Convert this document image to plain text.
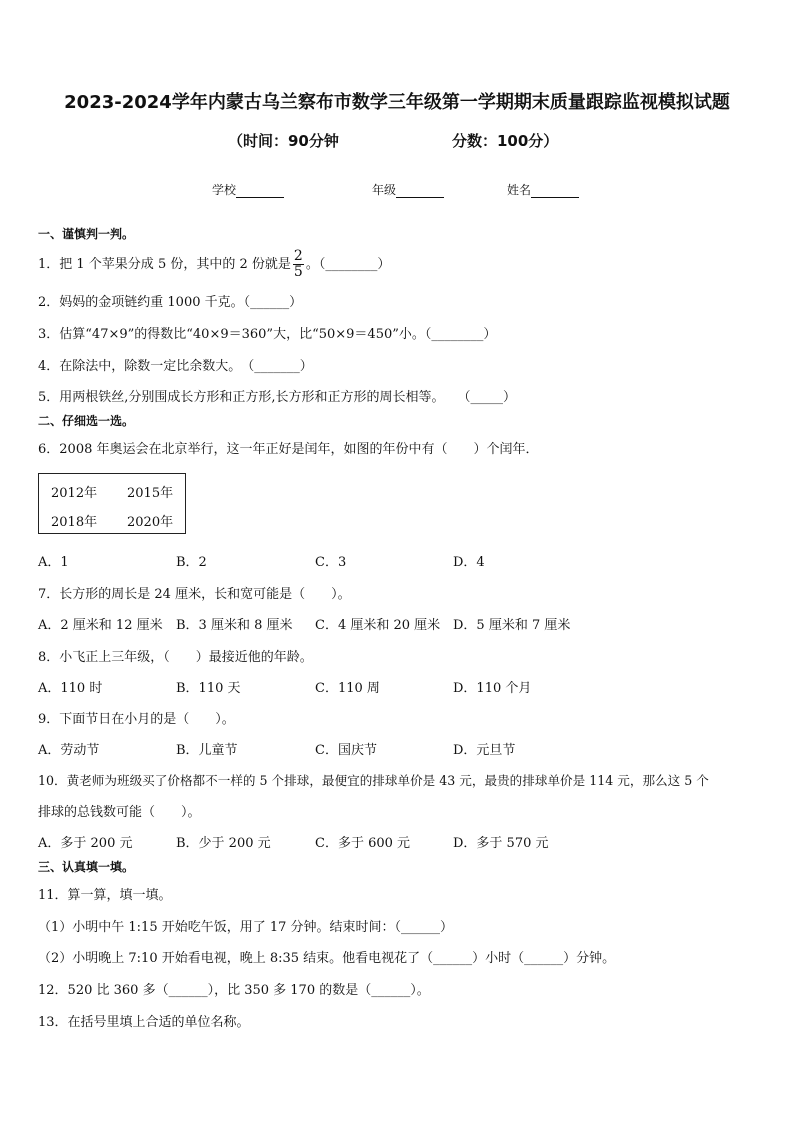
2023-2024学年内蒙古乌兰察布市数学三年级第一学期期末质量跟踪监视模拟试题
（时间：90分钟	分数：100分）
学校	年级	姓名
一、谨慎判一判。
1．把 1 个苹果分成 5 份，其中的 2 份就是 $\frac{2}{5}$ 。（________）
2．妈妈的金项链约重 1000 千克。（______）
3．估算“47×9”的得数比“40×9＝360”大，比“50×9＝450”小。（________）
4．在除法中，除数一定比余数大。　（_______）
5．用两根铁丝,分别围成长方形和正方形,长方形和正方形的周长相等。　　（_____）
二、仔细选一选。
6．2008 年奥运会在北京举行，这一年正好是闰年，如图的年份中有（　　）个闰年．
2012年 2015年
2018年 2020年
A．1	B．2	C．3	D．4
7．长方形的周长是 24 厘米，长和宽可能是（　　）。
A．2 厘米和 12 厘米 B．3 厘米和 8 厘米 C．4 厘米和 20 厘米 D．5 厘米和 7 厘米
8．小飞正上三年级，（　　）最接近他的年龄。
A．110 时	B．110 天	C．110 周	D．110 个月
9．下面节日在小月的是（　　）。
A．劳动节	B．儿童节	C．国庆节	D．元旦节
10．黄老师为班级买了价格都不一样的 5 个排球，最便宜的排球单价是 43 元，最贵的排球单价是 114 元，那么这 5 个
排球的总钱数可能（　　）。
A．多于 200 元	B．少于 200 元	C．多于 600 元	D．多于 570 元
三、认真填一填。
11．算一算，填一填。
（1）小明中午 1:15 开始吃午饭，用了 17 分钟。结束时间：（______）
（2）小明晚上 7:10 开始看电视，晚上 8:35 结束。他看电视花了（______）小时（______）分钟。
12．520 比 360 多（______），比 350 多 170 的数是（______）。
13．在括号里填上合适的单位名称。
